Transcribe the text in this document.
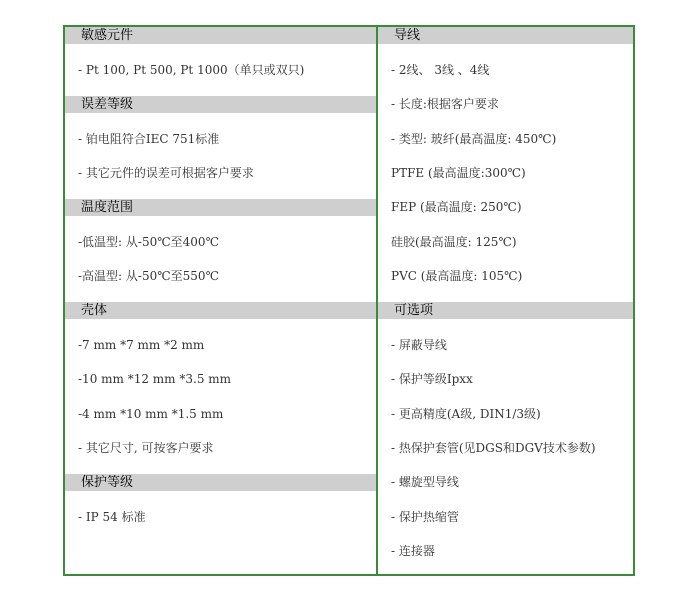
敏感元件
- Pt 100, Pt 500, Pt 1000（单只或双只)
误差等级
- 铂电阻符合IEC 751标准
- 其它元件的误差可根据客户要求
温度范围
-低温型: 从-50℃至400℃
-高温型: 从-50℃至550℃
壳体
-7 mm *7 mm *2 mm
-10 mm *12 mm *3.5 mm
-4 mm *10 mm *1.5 mm
- 其它尺寸, 可按客户要求
保护等级
- IP 54 标准
导线
- 2线、 3线 、4线
- 长度:根据客户要求
- 类型: 玻纤(最高温度: 450℃)
PTFE (最高温度:300℃)
FEP (最高温度: 250℃)
硅胶(最高温度: 125℃)
PVC (最高温度: 105℃)
可选项
- 屏蔽导线
- 保护等级Ipxx
- 更高精度(A级, DIN1/3级)
- 热保护套管(见DGS和DGV技术参数)
- 螺旋型导线
- 保护热缩管
- 连接器
